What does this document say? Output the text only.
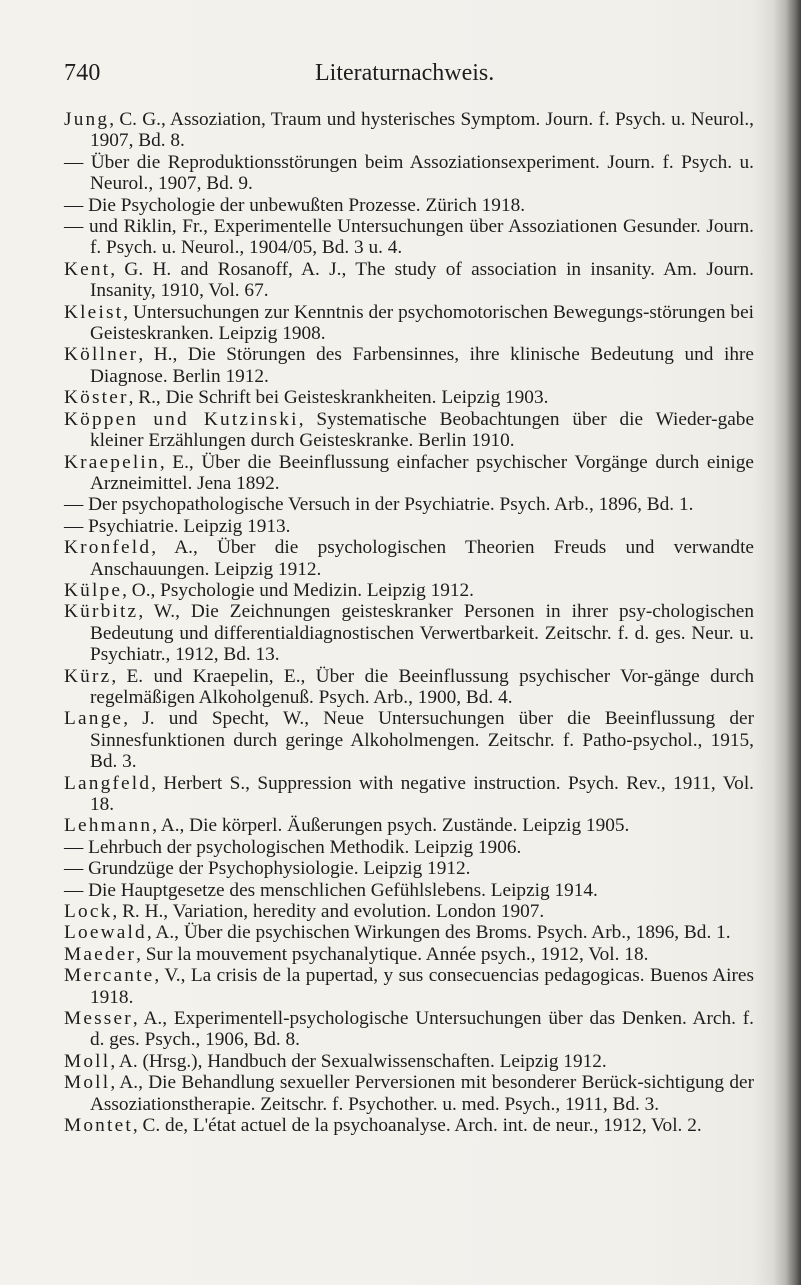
740	Literaturnachweis.

Jung, C. G., Assoziation, Traum und hysterisches Symptom. Journ. f. Psych. u. Neurol., 1907, Bd. 8.

— Über die Reproduktionsstörungen beim Assoziationsexperiment. Journ. f. Psych. u. Neurol., 1907, Bd. 9.

— Die Psychologie der unbewußten Prozesse. Zürich 1918.

— und Riklin, Fr., Experimentelle Untersuchungen über Assoziationen Gesunder. Journ. f. Psych. u. Neurol., 1904/05, Bd. 3 u. 4.

Kent, G. H. and Rosanoff, A. J., The study of association in insanity. Am. Journ. Insanity, 1910, Vol. 67.

Kleist, Untersuchungen zur Kenntnis der psychomotorischen Bewegungs-störungen bei Geisteskranken. Leipzig 1908.

Köllner, H., Die Störungen des Farbensinnes, ihre klinische Bedeutung und ihre Diagnose. Berlin 1912.

Köster, R., Die Schrift bei Geisteskrankheiten. Leipzig 1903.

Köppen und Kutzinski, Systematische Beobachtungen über die Wieder-gabe kleiner Erzählungen durch Geisteskranke. Berlin 1910.

Kraepelin, E., Über die Beeinflussung einfacher psychischer Vorgänge durch einige Arzneimittel. Jena 1892.

— Der psychopathologische Versuch in der Psychiatrie. Psych. Arb., 1896, Bd. 1.

— Psychiatrie. Leipzig 1913.

Kronfeld, A., Über die psychologischen Theorien Freuds und verwandte Anschauungen. Leipzig 1912.

Külpe, O., Psychologie und Medizin. Leipzig 1912.

Kürbitz, W., Die Zeichnungen geisteskranker Personen in ihrer psy-chologischen Bedeutung und differentialdiagnostischen Verwertbarkeit. Zeitschr. f. d. ges. Neur. u. Psychiatr., 1912, Bd. 13.

Kürz, E. und Kraepelin, E., Über die Beeinflussung psychischer Vor-gänge durch regelmäßigen Alkoholgenuß. Psych. Arb., 1900, Bd. 4.

Lange, J. und Specht, W., Neue Untersuchungen über die Beeinflussung der Sinnesfunktionen durch geringe Alkoholmengen. Zeitschr. f. Patho-psychol., 1915, Bd. 3.

Langfeld, Herbert S., Suppression with negative instruction. Psych. Rev., 1911, Vol. 18.

Lehmann, A., Die körperl. Äußerungen psych. Zustände. Leipzig 1905.

— Lehrbuch der psychologischen Methodik. Leipzig 1906.

— Grundzüge der Psychophysiologie. Leipzig 1912.

— Die Hauptgesetze des menschlichen Gefühlslebens. Leipzig 1914.

Lock, R. H., Variation, heredity and evolution. London 1907.

Loewald, A., Über die psychischen Wirkungen des Broms. Psych. Arb., 1896, Bd. 1.

Maeder, Sur la mouvement psychanalytique. Année psych., 1912, Vol. 18.

Mercante, V., La crisis de la pupertad, y sus consecuencias pedagogicas. Buenos Aires 1918.

Messer, A., Experimentell-psychologische Untersuchungen über das Denken. Arch. f. d. ges. Psych., 1906, Bd. 8.

Moll, A. (Hrsg.), Handbuch der Sexualwissenschaften. Leipzig 1912.

Moll, A., Die Behandlung sexueller Perversionen mit besonderer Berück-sichtigung der Assoziationstherapie. Zeitschr. f. Psychother. u. med. Psych., 1911, Bd. 3.

Montet, C. de, L'état actuel de la psychoanalyse. Arch. int. de neur., 1912, Vol. 2.
